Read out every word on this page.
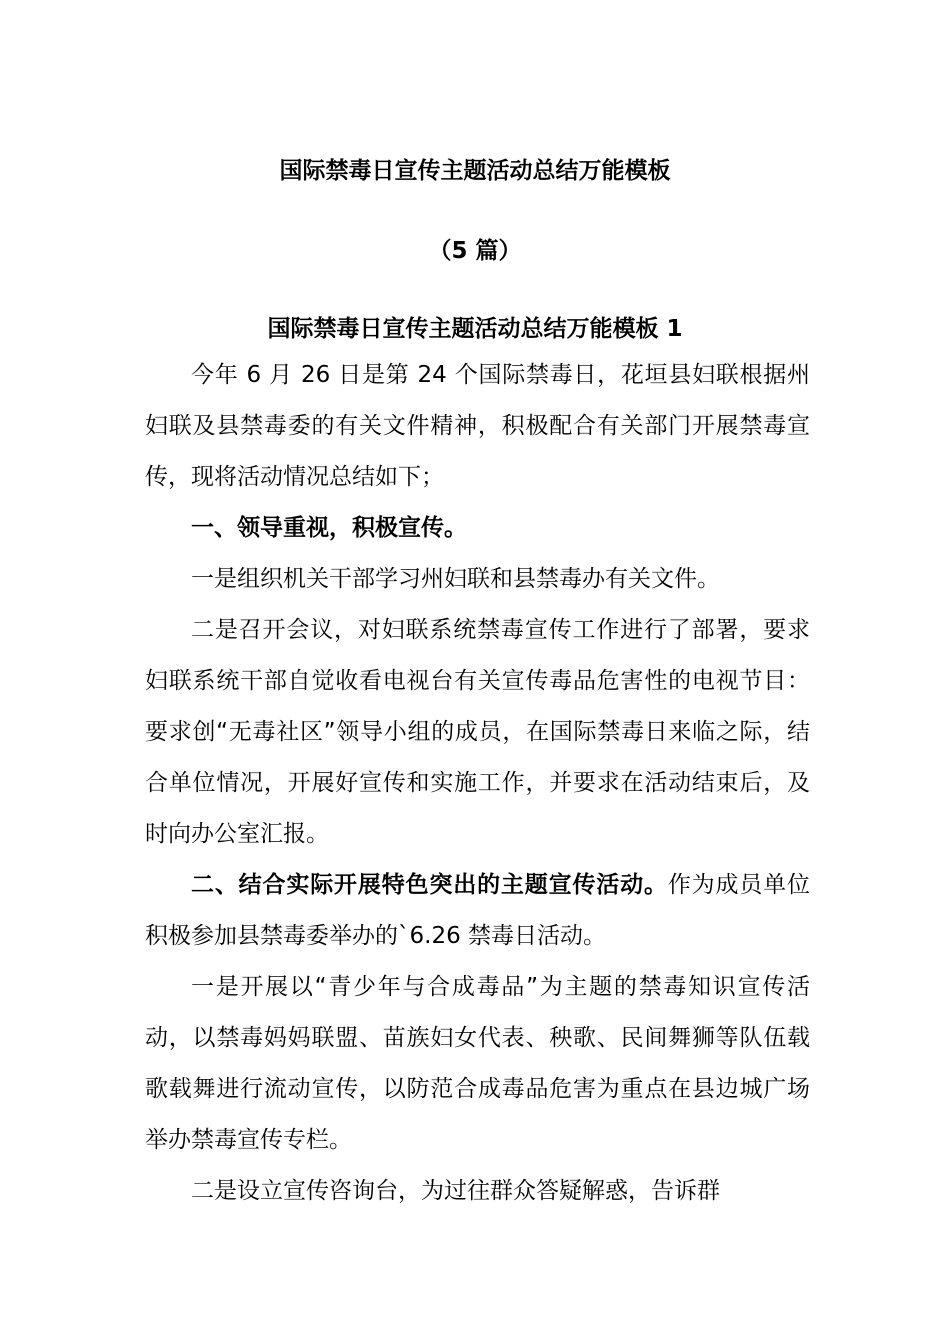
国际禁毒日宣传主题活动总结万能模板
（5 篇）
国际禁毒日宣传主题活动总结万能模板 1

今年 6 月 26 日是第 24 个国际禁毒日，花垣县妇联根据州妇联及县禁毒委的有关文件精神，积极配合有关部门开展禁毒宣传，现将活动情况总结如下；

一、领导重视，积极宣传。

一是组织机关干部学习州妇联和县禁毒办有关文件。

二是召开会议，对妇联系统禁毒宣传工作进行了部署，要求妇联系统干部自觉收看电视台有关宣传毒品危害性的电视节目：要求创“无毒社区”领导小组的成员，在国际禁毒日来临之际，结合单位情况，开展好宣传和实施工作，并要求在活动结束后，及时向办公室汇报。

二、结合实际开展特色突出的主题宣传活动。作为成员单位积极参加县禁毒委举办的`6.26 禁毒日活动。

一是开展以“青少年与合成毒品”为主题的禁毒知识宣传活动，以禁毒妈妈联盟、苗族妇女代表、秧歌、民间舞狮等队伍载歌载舞进行流动宣传，以防范合成毒品危害为重点在县边城广场举办禁毒宣传专栏。

二是设立宣传咨询台，为过往群众答疑解惑，告诉群
